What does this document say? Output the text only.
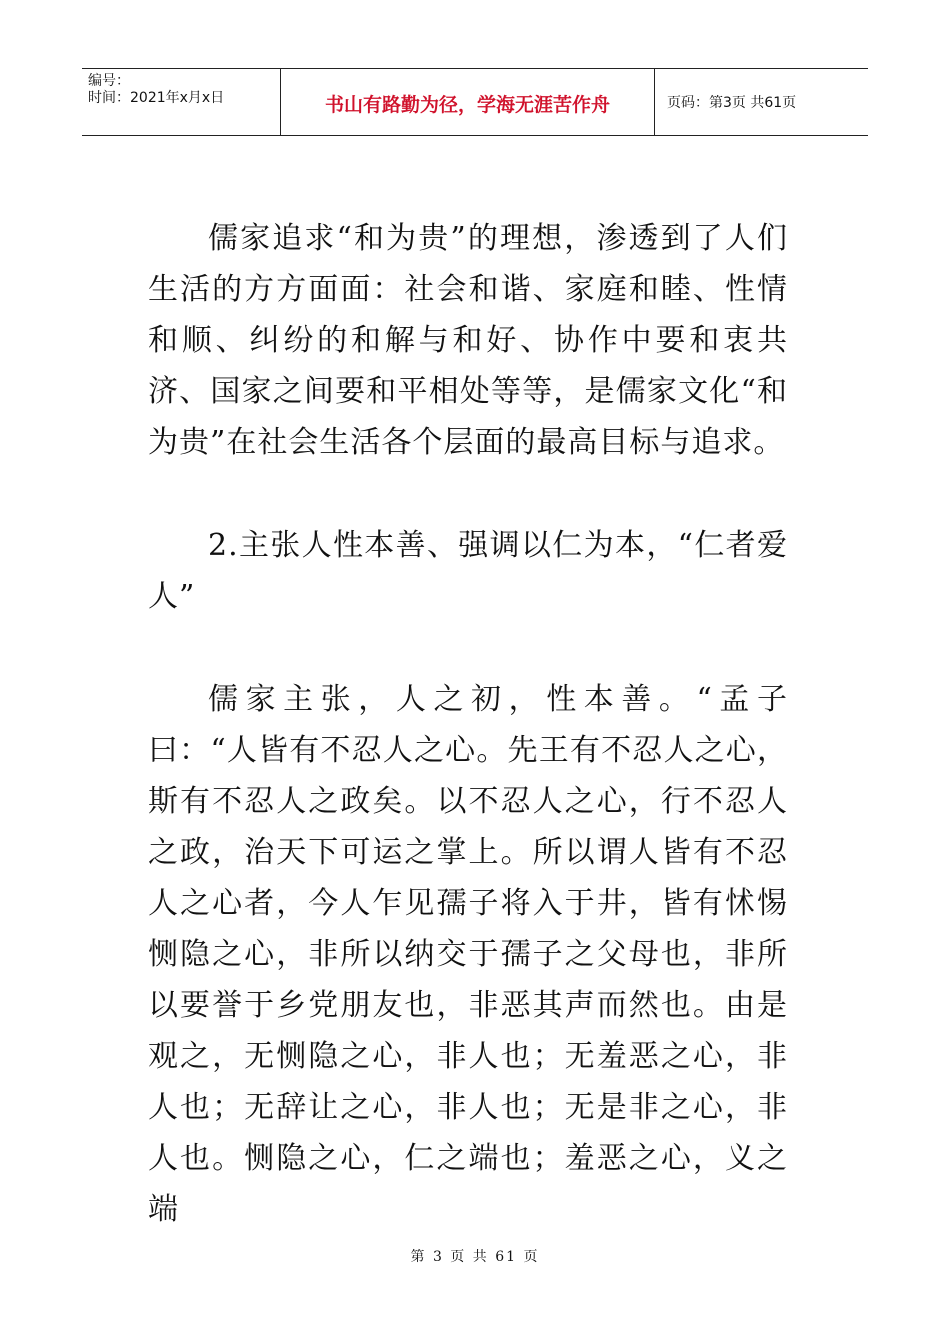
编号：
时间：2021年x月x日	书山有路勤为径，学海无涯苦作舟	页码：第3页 共61页

儒家追求“和为贵”的理想，渗透到了人们生活的方方面面：社会和谐、家庭和睦、性情和顺、纠纷的和解与和好、协作中要和衷共济、国家之间要和平相处等等，是儒家文化“和为贵”在社会生活各个层面的最高目标与追求。

2.主张人性本善、强调以仁为本，“仁者爱人”

儒家主张，人之初，性本善。“孟子曰：“人皆有不忍人之心。先王有不忍人之心，斯有不忍人之政矣。以不忍人之心，行不忍人之政，治天下可运之掌上。所以谓人皆有不忍人之心者，今人乍见孺子将入于井，皆有怵惕恻隐之心，非所以纳交于孺子之父母也，非所以要誉于乡党朋友也，非恶其声而然也。由是观之，无恻隐之心，非人也；无羞恶之心，非人也；无辞让之心，非人也；无是非之心，非人也。恻隐之心，仁之端也；羞恶之心，义之端

第 3 页 共 61 页
